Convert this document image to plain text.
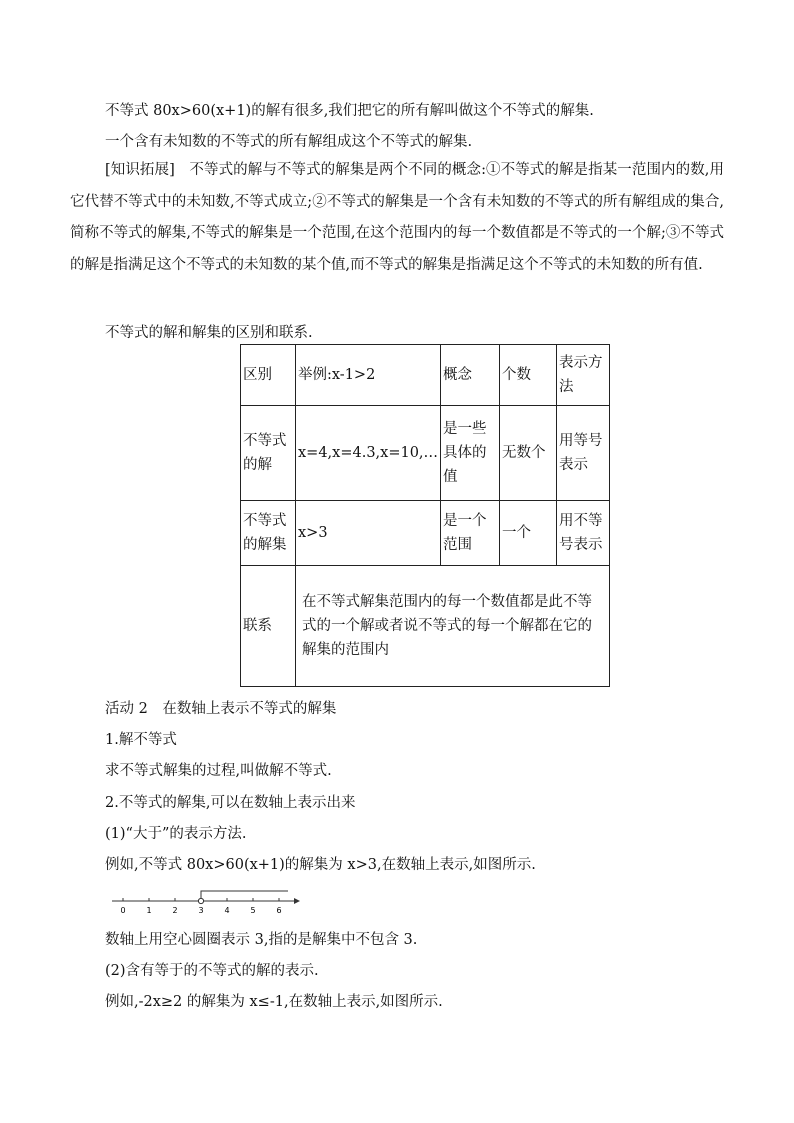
不等式 80x>60(x+1)的解有很多,我们把它的所有解叫做这个不等式的解集.
一个含有未知数的不等式的所有解组成这个不等式的解集.
[知识拓展]　不等式的解与不等式的解集是两个不同的概念:①不等式的解是指某一范围内的数,用它代替不等式中的未知数,不等式成立;②不等式的解集是一个含有未知数的不等式的所有解组成的集合,简称不等式的解集,不等式的解集是一个范围,在这个范围内的每一个数值都是不等式的一个解;③不等式的解是指满足这个不等式的未知数的某个值,而不等式的解集是指满足这个不等式的未知数的所有值.
不等式的解和解集的区别和联系.
区别	举例:x-1>2	概念	个数	表示方法
不等式的解	x=4,x=4.3,x=10,…	是一些具体的值	无数个	用等号表示
不等式的解集	x>3	是一个范围	一个	用不等号表示
联系	在不等式解集范围内的每一个数值都是此不等式的一个解或者说不等式的每一个解都在它的解集的范围内			
活动 2　在数轴上表示不等式的解集
1.解不等式
求不等式解集的过程,叫做解不等式.
2.不等式的解集,可以在数轴上表示出来
(1)“大于”的表示方法.
例如,不等式 80x>60(x+1)的解集为 x>3,在数轴上表示,如图所示.
0	1	2	3	4	5	6
数轴上用空心圆圈表示 3,指的是解集中不包含 3.
(2)含有等于的不等式的解的表示.
例如,-2x≥2 的解集为 x≤-1,在数轴上表示,如图所示.
